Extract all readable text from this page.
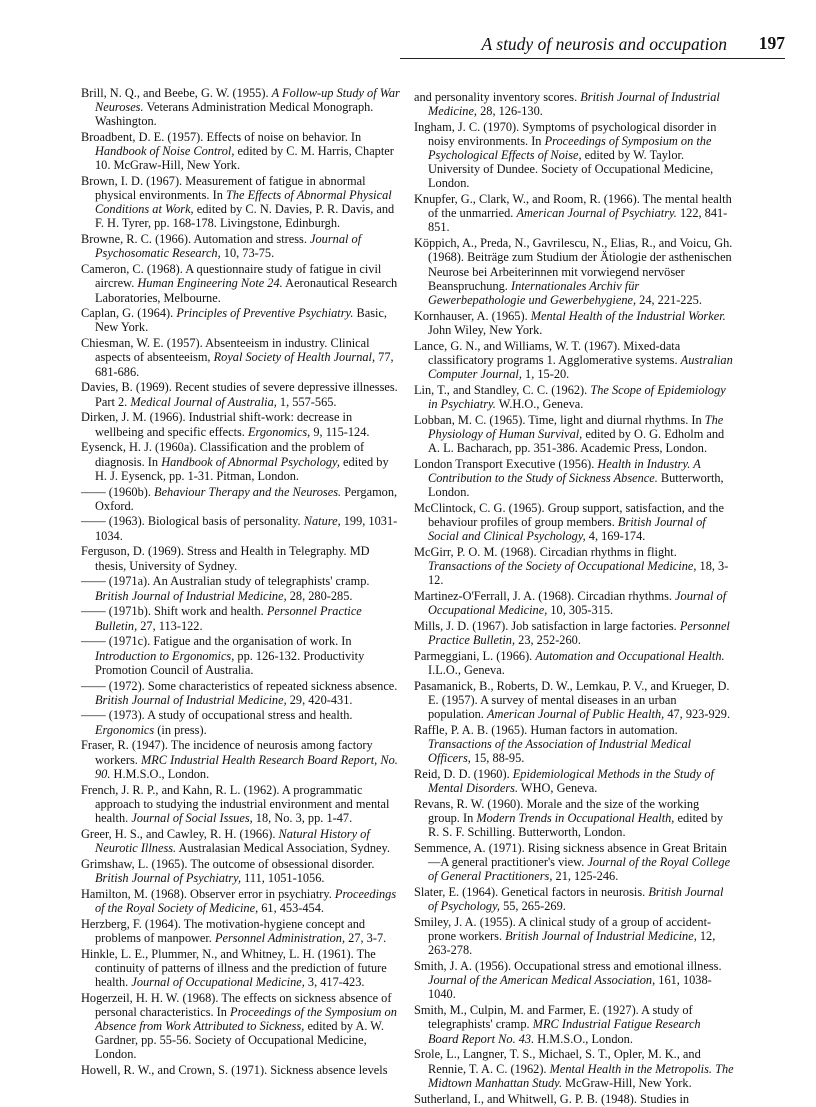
A study of neurosis and occupation 197

Brill, N. Q., and Beebe, G. W. (1955). A Follow-up Study of War Neuroses. Veterans Administration Medical Monograph. Washington.

Broadbent, D. E. (1957). Effects of noise on behavior. In Handbook of Noise Control, edited by C. M. Harris, Chapter 10. McGraw-Hill, New York.

Brown, I. D. (1967). Measurement of fatigue in abnormal physical environments. In The Effects of Abnormal Physical Conditions at Work, edited by C. N. Davies, P. R. Davis, and F. H. Tyrer, pp. 168-178. Livingstone, Edinburgh.

Browne, R. C. (1966). Automation and stress. Journal of Psychosomatic Research, 10, 73-75.

Cameron, C. (1968). A questionnaire study of fatigue in civil aircrew. Human Engineering Note 24. Aeronautical Research Laboratories, Melbourne.

Caplan, G. (1964). Principles of Preventive Psychiatry. Basic, New York.

Chiesman, W. E. (1957). Absenteeism in industry. Clinical aspects of absenteeism, Royal Society of Health Journal, 77, 681-686.

Davies, B. (1969). Recent studies of severe depressive illnesses. Part 2. Medical Journal of Australia, 1, 557-565.

Dirken, J. M. (1966). Industrial shift-work: decrease in wellbeing and specific effects. Ergonomics, 9, 115-124.

Eysenck, H. J. (1960a). Classification and the problem of diagnosis. In Handbook of Abnormal Psychology, edited by H. J. Eysenck, pp. 1-31. Pitman, London.

—— (1960b). Behaviour Therapy and the Neuroses. Pergamon, Oxford.

—— (1963). Biological basis of personality. Nature, 199, 1031-1034.

Ferguson, D. (1969). Stress and Health in Telegraphy. MD thesis, University of Sydney.

—— (1971a). An Australian study of telegraphists' cramp. British Journal of Industrial Medicine, 28, 280-285.

—— (1971b). Shift work and health. Personnel Practice Bulletin, 27, 113-122.

—— (1971c). Fatigue and the organisation of work. In Introduction to Ergonomics, pp. 126-132. Productivity Promotion Council of Australia.

—— (1972). Some characteristics of repeated sickness absence. British Journal of Industrial Medicine, 29, 420-431.

—— (1973). A study of occupational stress and health. Ergonomics (in press).

Fraser, R. (1947). The incidence of neurosis among factory workers. MRC Industrial Health Research Board Report, No. 90. H.M.S.O., London.

French, J. R. P., and Kahn, R. L. (1962). A programmatic approach to studying the industrial environment and mental health. Journal of Social Issues, 18, No. 3, pp. 1-47.

Greer, H. S., and Cawley, R. H. (1966). Natural History of Neurotic Illness. Australasian Medical Association, Sydney.

Grimshaw, L. (1965). The outcome of obsessional disorder. British Journal of Psychiatry, 111, 1051-1056.

Hamilton, M. (1968). Observer error in psychiatry. Proceedings of the Royal Society of Medicine, 61, 453-454.

Herzberg, F. (1964). The motivation-hygiene concept and problems of manpower. Personnel Administration, 27, 3-7.

Hinkle, L. E., Plummer, N., and Whitney, L. H. (1961). The continuity of patterns of illness and the prediction of future health. Journal of Occupational Medicine, 3, 417-423.

Hogerzeil, H. H. W. (1968). The effects on sickness absence of personal characteristics. In Proceedings of the Symposium on Absence from Work Attributed to Sickness, edited by A. W. Gardner, pp. 55-56. Society of Occupational Medicine, London.

Howell, R. W., and Crown, S. (1971). Sickness absence levels

and personality inventory scores. British Journal of Industrial Medicine, 28, 126-130.

Ingham, J. C. (1970). Symptoms of psychological disorder in noisy environments. In Proceedings of Symposium on the Psychological Effects of Noise, edited by W. Taylor. University of Dundee. Society of Occupational Medicine, London.

Knupfer, G., Clark, W., and Room, R. (1966). The mental health of the unmarried. American Journal of Psychiatry. 122, 841-851.

Köppich, A., Preda, N., Gavrilescu, N., Elias, R., and Voicu, Gh. (1968). Beiträge zum Studium der Ätiologie der asthenischen Neurose bei Arbeiterinnen mit vorwiegend nervöser Beanspruchung. Internationales Archiv für Gewerbepathologie und Gewerbehygiene, 24, 221-225.

Kornhauser, A. (1965). Mental Health of the Industrial Worker. John Wiley, New York.

Lance, G. N., and Williams, W. T. (1967). Mixed-data classificatory programs 1. Agglomerative systems. Australian Computer Journal, 1, 15-20.

Lin, T., and Standley, C. C. (1962). The Scope of Epidemiology in Psychiatry. W.H.O., Geneva.

Lobban, M. C. (1965). Time, light and diurnal rhythms. In The Physiology of Human Survival, edited by O. G. Edholm and A. L. Bacharach, pp. 351-386. Academic Press, London.

London Transport Executive (1956). Health in Industry. A Contribution to the Study of Sickness Absence. Butterworth, London.

McClintock, C. G. (1965). Group support, satisfaction, and the behaviour profiles of group members. British Journal of Social and Clinical Psychology, 4, 169-174.

McGirr, P. O. M. (1968). Circadian rhythms in flight. Transactions of the Society of Occupational Medicine, 18, 3-12.

Martinez-O'Ferrall, J. A. (1968). Circadian rhythms. Journal of Occupational Medicine, 10, 305-315.

Mills, J. D. (1967). Job satisfaction in large factories. Personnel Practice Bulletin, 23, 252-260.

Parmeggiani, L. (1966). Automation and Occupational Health. I.L.O., Geneva.

Pasamanick, B., Roberts, D. W., Lemkau, P. V., and Krueger, D. E. (1957). A survey of mental diseases in an urban population. American Journal of Public Health, 47, 923-929.

Raffle, P. A. B. (1965). Human factors in automation. Transactions of the Association of Industrial Medical Officers, 15, 88-95.

Reid, D. D. (1960). Epidemiological Methods in the Study of Mental Disorders. WHO, Geneva.

Revans, R. W. (1960). Morale and the size of the working group. In Modern Trends in Occupational Health, edited by R. S. F. Schilling. Butterworth, London.

Semmence, A. (1971). Rising sickness absence in Great Britain—A general practitioner's view. Journal of the Royal College of General Practitioners, 21, 125-246.

Slater, E. (1964). Genetical factors in neurosis. British Journal of Psychology, 55, 265-269.

Smiley, J. A. (1955). A clinical study of a group of accident-prone workers. British Journal of Industrial Medicine, 12, 263-278.

Smith, J. A. (1956). Occupational stress and emotional illness. Journal of the American Medical Association, 161, 1038-1040.

Smith, M., Culpin, M. and Farmer, E. (1927). A study of telegraphists' cramp. MRC Industrial Fatigue Research Board Report No. 43. H.M.S.O., London.

Srole, L., Langner, T. S., Michael, S. T., Opler, M. K., and Rennie, T. A. C. (1962). Mental Health in the Metropolis. The Midtown Manhattan Study. McGraw-Hill, New York.

Sutherland, I., and Whitwell, G. P. B. (1948). Studies in
